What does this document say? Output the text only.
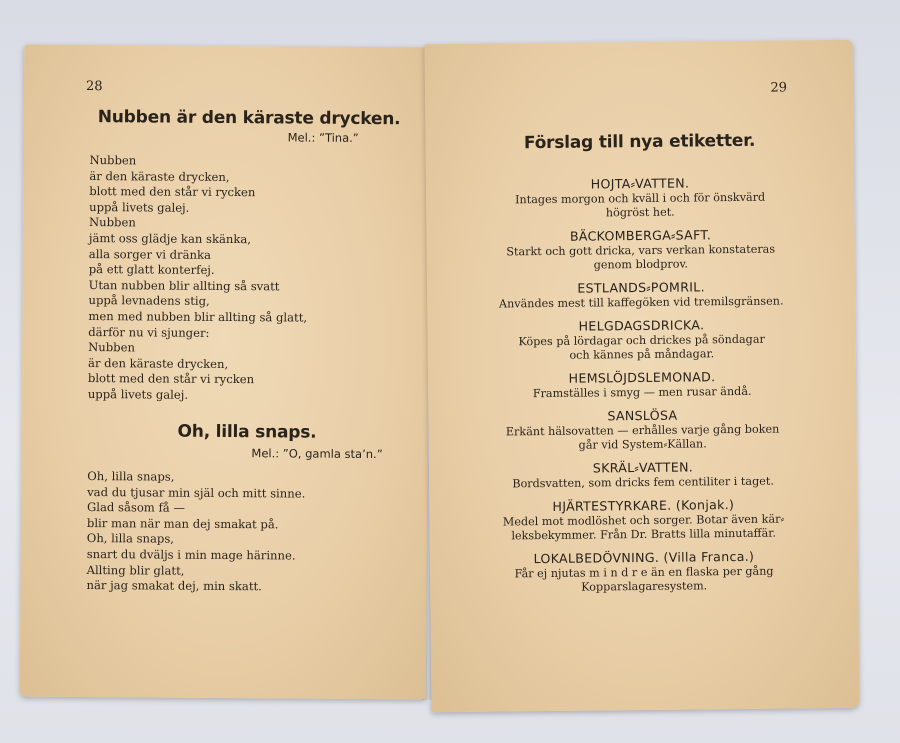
28
Nubben är den käraste drycken.
Mel.: ”Tina.”
Nubben
är den käraste drycken,
blott med den står vi rycken
uppå livets galej.
Nubben
jämt oss glädje kan skänka,
alla sorger vi dränka
på ett glatt konterfej.
Utan nubben blir allting så svatt
uppå levnadens stig,
men med nubben blir allting så glatt,
därför nu vi sjunger:
Nubben
är den käraste drycken,
blott med den står vi rycken
uppå livets galej.
Oh, lilla snaps.
Mel.: ”O, gamla sta’n.”
Oh, lilla snaps,
vad du tjusar min själ och mitt sinne.
Glad såsom få —
blir man när man dej smakat på.
Oh, lilla snaps,
snart du dväljs i min mage härinne.
Allting blir glatt,
när jag smakat dej, min skatt.
29
Förslag till nya etiketter.
HOJTA⸗VATTEN.
Intages morgon och kväll i och för önskvärd
högröst het.
BÄCKOMBERGA⸗SAFT.
Starkt och gott dricka, vars verkan konstateras
genom blodprov.
ESTLANDS⸗POMRIL.
Användes mest till kaffegöken vid tremilsgränsen.
HELGDAGSDRICKA.
Köpes på lördagar och drickes på söndagar
och kännes på måndagar.
HEMSLÖJDSLEMONAD.
Framställes i smyg — men rusar ändå.
SANSLÖSA
Erkänt hälsovatten — erhålles varje gång boken
går vid System⸗Källan.
SKRÄL⸗VATTEN.
Bordsvatten, som dricks fem centiliter i taget.
HJÄRTESTYRKARE. (Konjak.)
Medel mot modlöshet och sorger. Botar även kär⸗
leksbekymmer. Från Dr. Bratts lilla minutaffär.
LOKALBEDÖVNING. (Villa Franca.)
Får ej njutas m i n d r e än en flaska per gång
Kopparslagaresystem.
